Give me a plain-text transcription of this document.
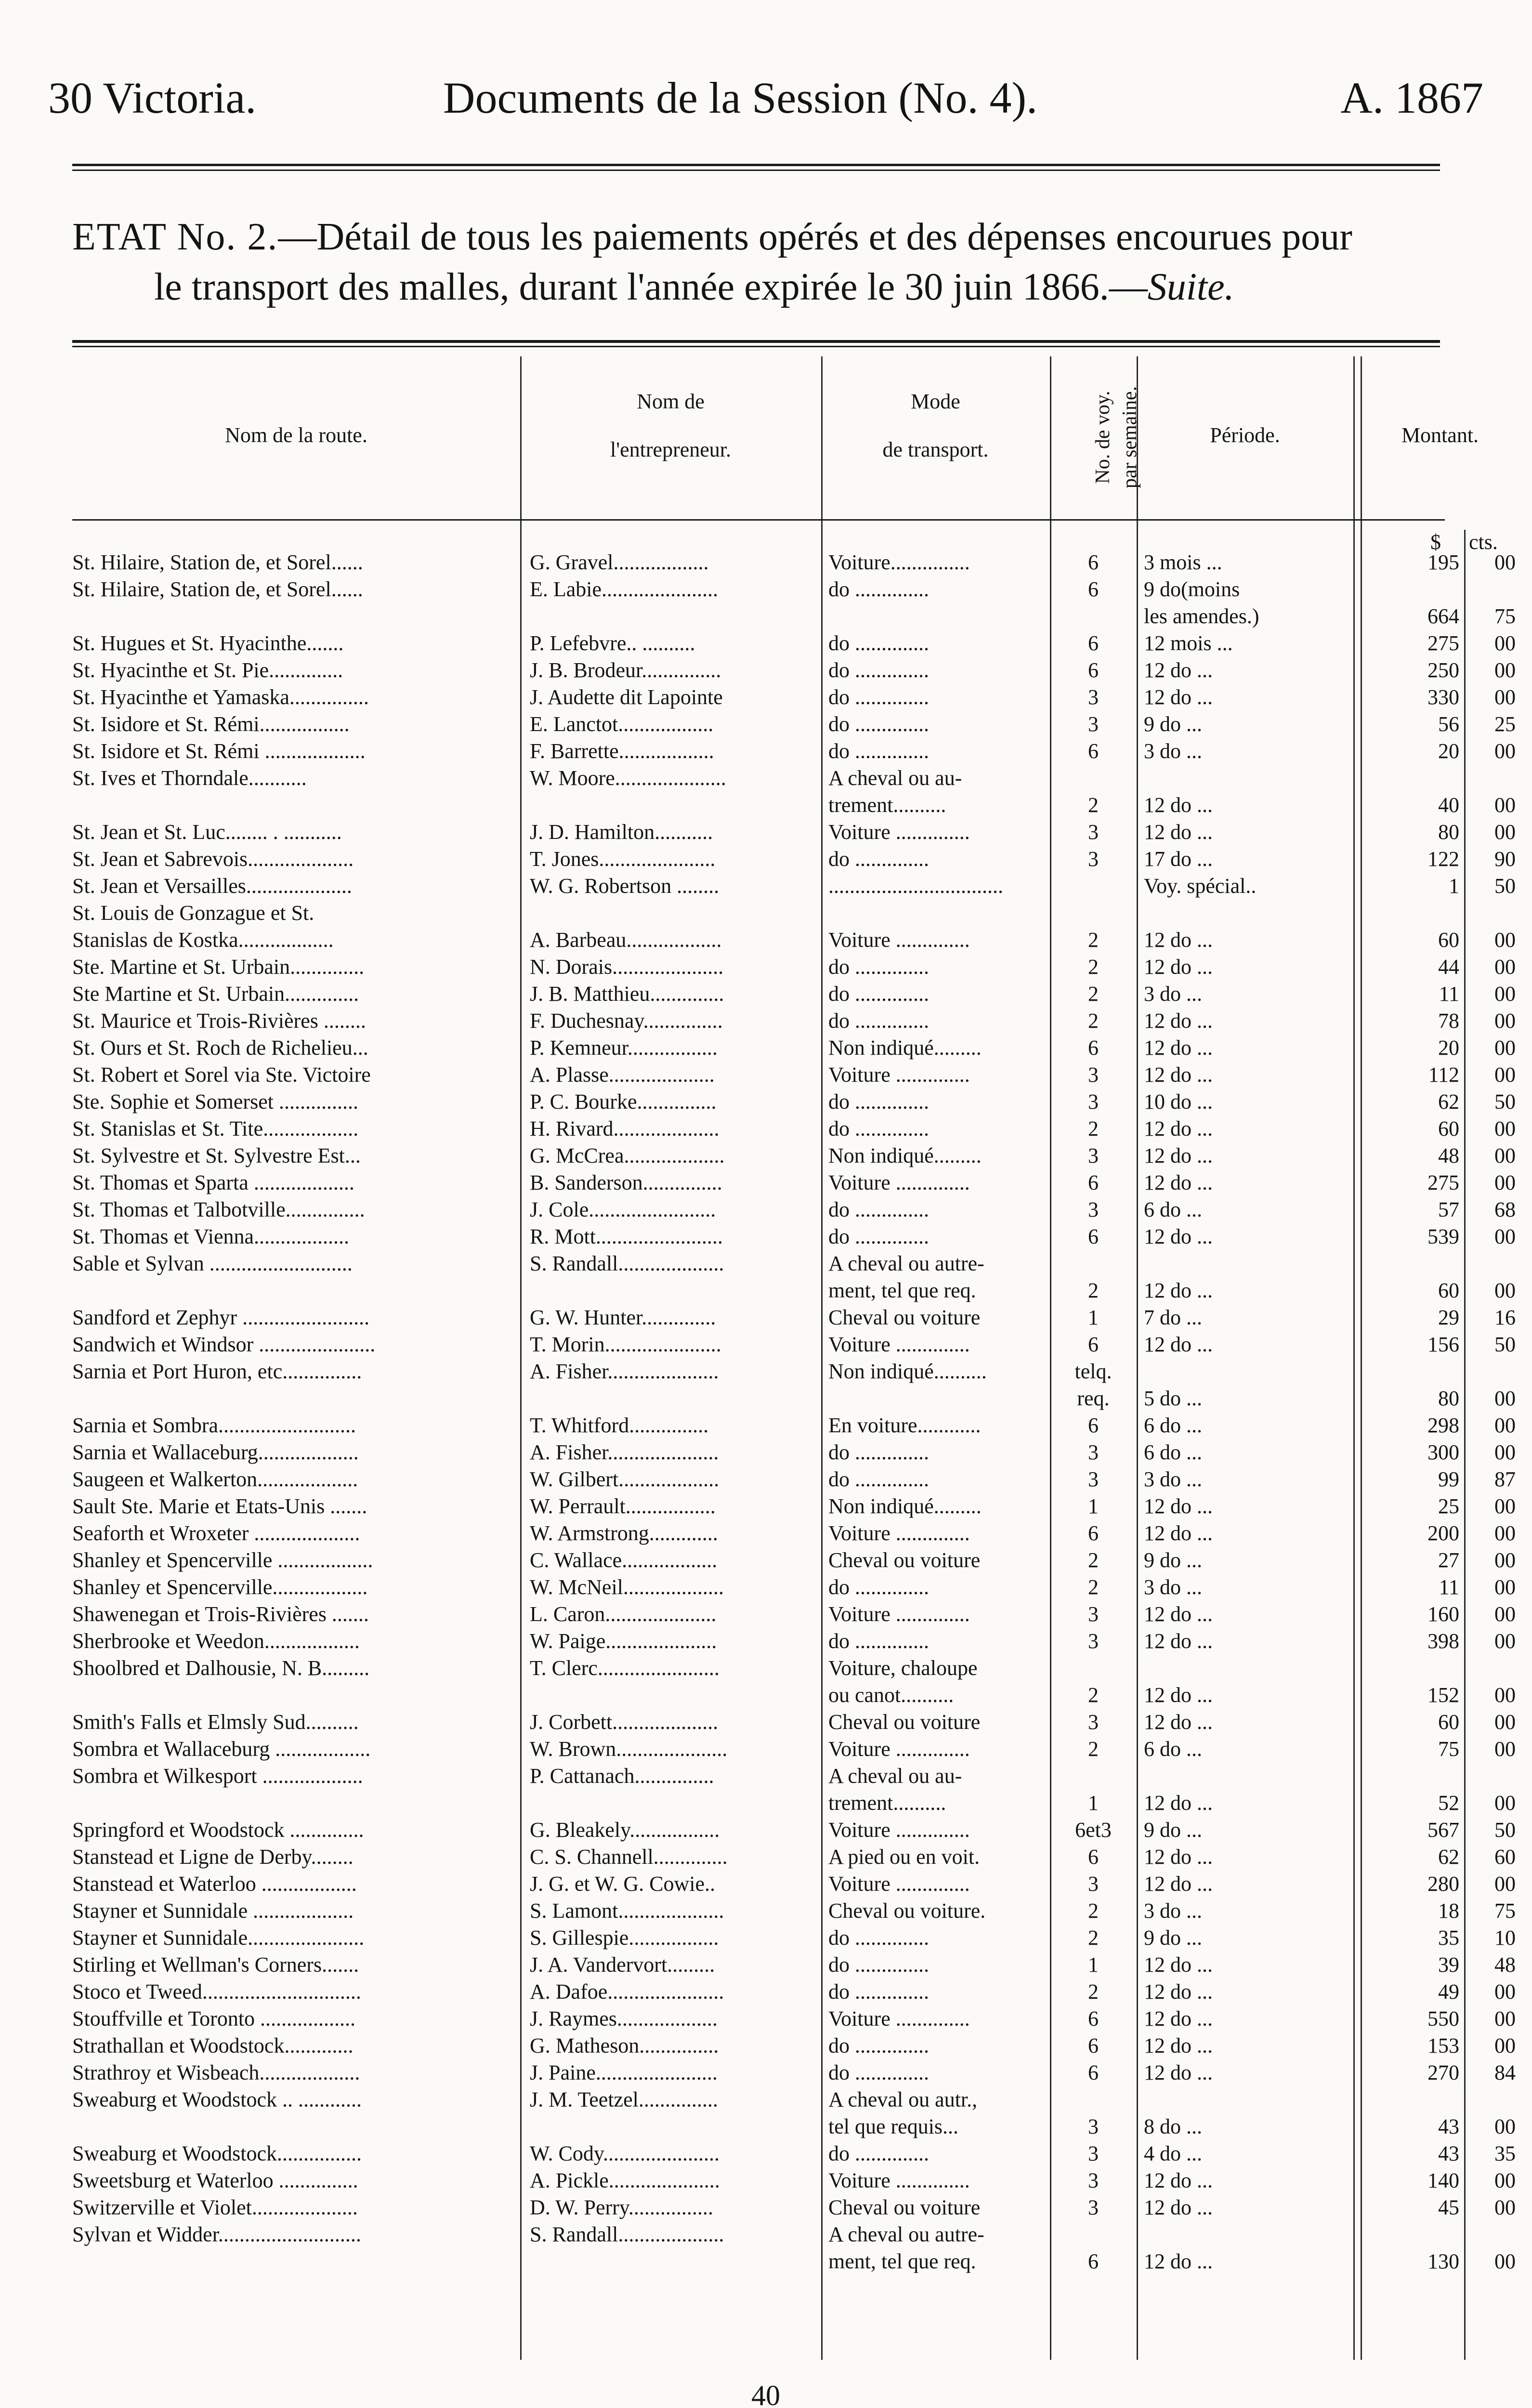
30 Victoria.	Documents de la Session (No. 4).	A. 1867
ETAT No. 2.—Détail de tous les paiements opérés et des dépenses encourues pour
le transport des malles, durant l'année expirée le 30 juin 1866.—Suite.
Nom de la route.
Nom de
l'entrepreneur.
Mode
de transport.	No. de voy. par semaine.	Période.	Montant.
$ cts.
St. Hilaire, Station de, et Sorel......	G. Gravel..................	Voiture...............	6	3 mois ...	195	00
St. Hilaire, Station de, et Sorel......	E. Labie......................	do ..............	6	9 do(moins
les amendes.)	664	75
St. Hugues et St. Hyacinthe.......	P. Lefebvre.. ..........	do ..............	6	12 mois ...	275	00
St. Hyacinthe et St. Pie..............	J. B. Brodeur...............	do ..............	6	12 do ...	250	00
St. Hyacinthe et Yamaska...............	J. Audette dit Lapointe	do ..............	3	12 do ...	330	00
St. Isidore et St. Rémi.................	E. Lanctot..................	do ..............	3	9 do ...	56	25
St. Isidore et St. Rémi ...................	F. Barrette..................	do ..............	6	3 do ...	20	00
St. Ives et Thorndale...........	W. Moore.....................	A cheval ou au-
trement..........	2	12 do ...	40	00
St. Jean et St. Luc........ . ...........	J. D. Hamilton...........	Voiture ..............	3	12 do ...	80	00
St. Jean et Sabrevois....................	T. Jones......................	do ..............	3	17 do ...	122	90
St. Jean et Versailles....................	W. G. Robertson ........	.................................	Voy. spécial..	1	50
St. Louis de Gonzague et St.
Stanislas de Kostka..................	A. Barbeau..................	Voiture ..............	2	12 do ...	60	00
Ste. Martine et St. Urbain..............	N. Dorais.....................	do ..............	2	12 do ...	44	00
Ste Martine et St. Urbain..............	J. B. Matthieu..............	do ..............	2	3 do ...	11	00
St. Maurice et Trois-Rivières ........	F. Duchesnay...............	do ..............	2	12 do ...	78	00
St. Ours et St. Roch de Richelieu...	P. Kemneur.................	Non indiqué.........	6	12 do ...	20	00
St. Robert et Sorel via Ste. Victoire	A. Plasse....................	Voiture ..............	3	12 do ...	112	00
Ste. Sophie et Somerset ...............	P. C. Bourke...............	do ..............	3	10 do ...	62	50
St. Stanislas et St. Tite..................	H. Rivard....................	do ..............	2	12 do ...	60	00
St. Sylvestre et St. Sylvestre Est...	G. McCrea...................	Non indiqué.........	3	12 do ...	48	00
St. Thomas et Sparta ...................	B. Sanderson...............	Voiture ..............	6	12 do ...	275	00
St. Thomas et Talbotville...............	J. Cole........................	do ..............	3	6 do ...	57	68
St. Thomas et Vienna..................	R. Mott........................	do ..............	6	12 do ...	539	00
Sable et Sylvan ...........................	S. Randall....................	A cheval ou autre-
ment, tel que req.	2	12 do ...	60	00
Sandford et Zephyr ........................	G. W. Hunter..............	Cheval ou voiture	1	7 do ...	29	16
Sandwich et Windsor ......................	T. Morin......................	Voiture ..............	6	12 do ...	156	50
Sarnia et Port Huron, etc...............	A. Fisher.....................	Non indiqué..........	telq.
req.	5 do ...	80	00
Sarnia et Sombra..........................	T. Whitford...............	En voiture............	6	6 do ...	298	00
Sarnia et Wallaceburg...................	A. Fisher.....................	do ..............	3	6 do ...	300	00
Saugeen et Walkerton...................	W. Gilbert...................	do ..............	3	3 do ...	99	87
Sault Ste. Marie et Etats-Unis .......	W. Perrault.................	Non indiqué.........	1	12 do ...	25	00
Seaforth et Wroxeter ....................	W. Armstrong.............	Voiture ..............	6	12 do ...	200	00
Shanley et Spencerville ..................	C. Wallace..................	Cheval ou voiture	2	9 do ...	27	00
Shanley et Spencerville..................	W. McNeil...................	do ..............	2	3 do ...	11	00
Shawenegan et Trois-Rivières .......	L. Caron.....................	Voiture ..............	3	12 do ...	160	00
Sherbrooke et Weedon..................	W. Paige.....................	do ..............	3	12 do ...	398	00
Shoolbred et Dalhousie, N. B.........	T. Clerc.......................	Voiture, chaloupe
ou canot..........	2	12 do ...	152	00
Smith's Falls et Elmsly Sud..........	J. Corbett....................	Cheval ou voiture	3	12 do ...	60	00
Sombra et Wallaceburg ..................	W. Brown.....................	Voiture ..............	2	6 do ...	75	00
Sombra et Wilkesport ...................	P. Cattanach...............	A cheval ou au-
trement..........	1	12 do ...	52	00
Springford et Woodstock ..............	G. Bleakely.................	Voiture ..............	6et3	9 do ...	567	50
Stanstead et Ligne de Derby........	C. S. Channell..............	A pied ou en voit.	6	12 do ...	62	60
Stanstead et Waterloo ..................	J. G. et W. G. Cowie..	Voiture ..............	3	12 do ...	280	00
Stayner et Sunnidale ...................	S. Lamont....................	Cheval ou voiture.	2	3 do ...	18	75
Stayner et Sunnidale......................	S. Gillespie.................	do ..............	2	9 do ...	35	10
Stirling et Wellman's Corners.......	J. A. Vandervort.........	do ..............	1	12 do ...	39	48
Stoco et Tweed..............................	A. Dafoe......................	do ..............	2	12 do ...	49	00
Stouffville et Toronto ..................	J. Raymes...................	Voiture ..............	6	12 do ...	550	00
Strathallan et Woodstock.............	G. Matheson...............	do ..............	6	12 do ...	153	00
Strathroy et Wisbeach...................	J. Paine.......................	do ..............	6	12 do ...	270	84
Sweaburg et Woodstock .. ............	J. M. Teetzel...............	A cheval ou autr.,
tel que requis...	3	8 do ...	43	00
Sweaburg et Woodstock................	W. Cody......................	do ..............	3	4 do ...	43	35
Sweetsburg et Waterloo ...............	A. Pickle.....................	Voiture ..............	3	12 do ...	140	00
Switzerville et Violet....................	D. W. Perry................	Cheval ou voiture	3	12 do ...	45	00
Sylvan et Widder...........................	S. Randall....................	A cheval ou autre-
ment, tel que req.	6	12 do ...	130	00
40
